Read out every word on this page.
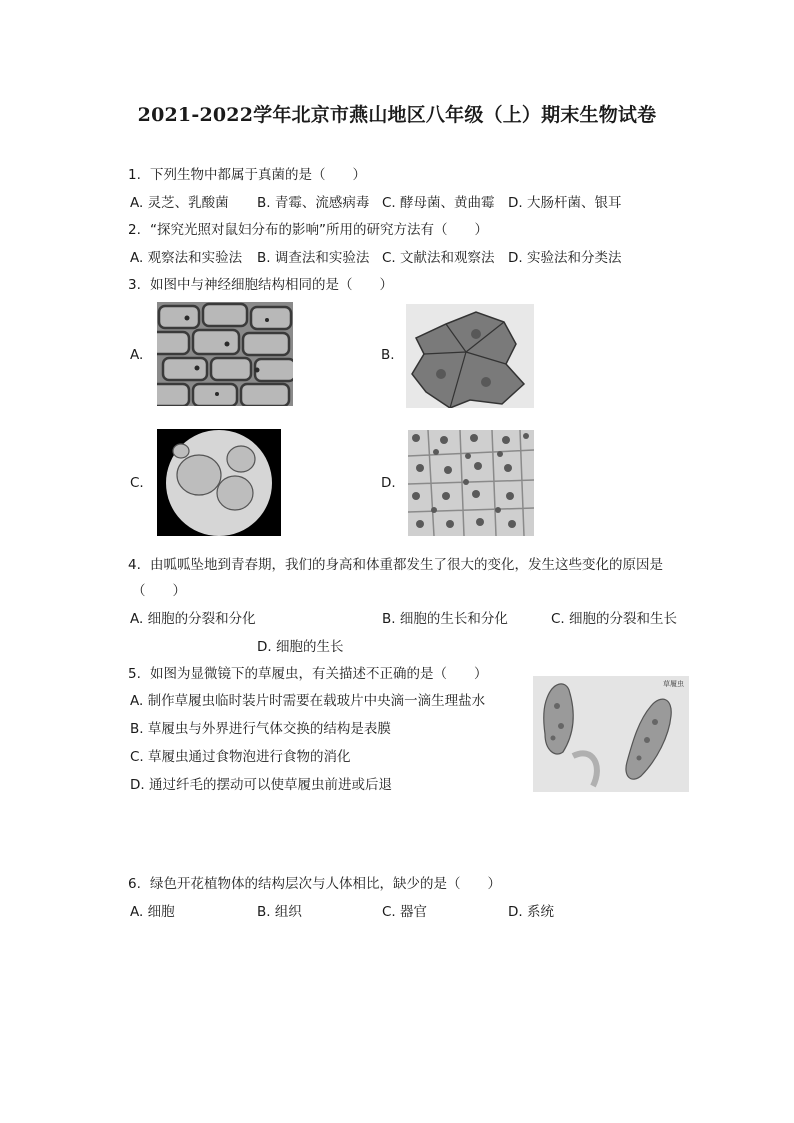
2021-2022学年北京市燕山地区八年级（上）期末生物试卷
1. 下列生物中都属于真菌的是（　　）
A. 灵芝、乳酸菌 B. 青霉、流感病毒 C. 酵母菌、黄曲霉 D. 大肠杆菌、银耳
2. “探究光照对鼠妇分布的影响”所用的研究方法有（　　）
A. 观察法和实验法 B. 调查法和实验法 C. 文献法和观察法 D. 实验法和分类法
3. 如图中与神经细胞结构相同的是（　　）
A.	B.
C.	D.
4. 由呱呱坠地到青春期，我们的身高和体重都发生了很大的变化，发生这些变化的原因是
（　　）
A. 细胞的分裂和分化	B. 细胞的生长和分化	C. 细胞的分裂和生长
D. 细胞的生长
5. 如图为显微镜下的草履虫，有关描述不正确的是（　　）
A. 制作草履虫临时装片时需要在载玻片中央滴一滴生理盐水
B. 草履虫与外界进行气体交换的结构是表膜
C. 草履虫通过食物泡进行食物的消化
D. 通过纤毛的摆动可以使草履虫前进或后退
草履虫
6. 绿色开花植物体的结构层次与人体相比，缺少的是（　　）
A. 细胞	B. 组织	C. 器官	D. 系统
